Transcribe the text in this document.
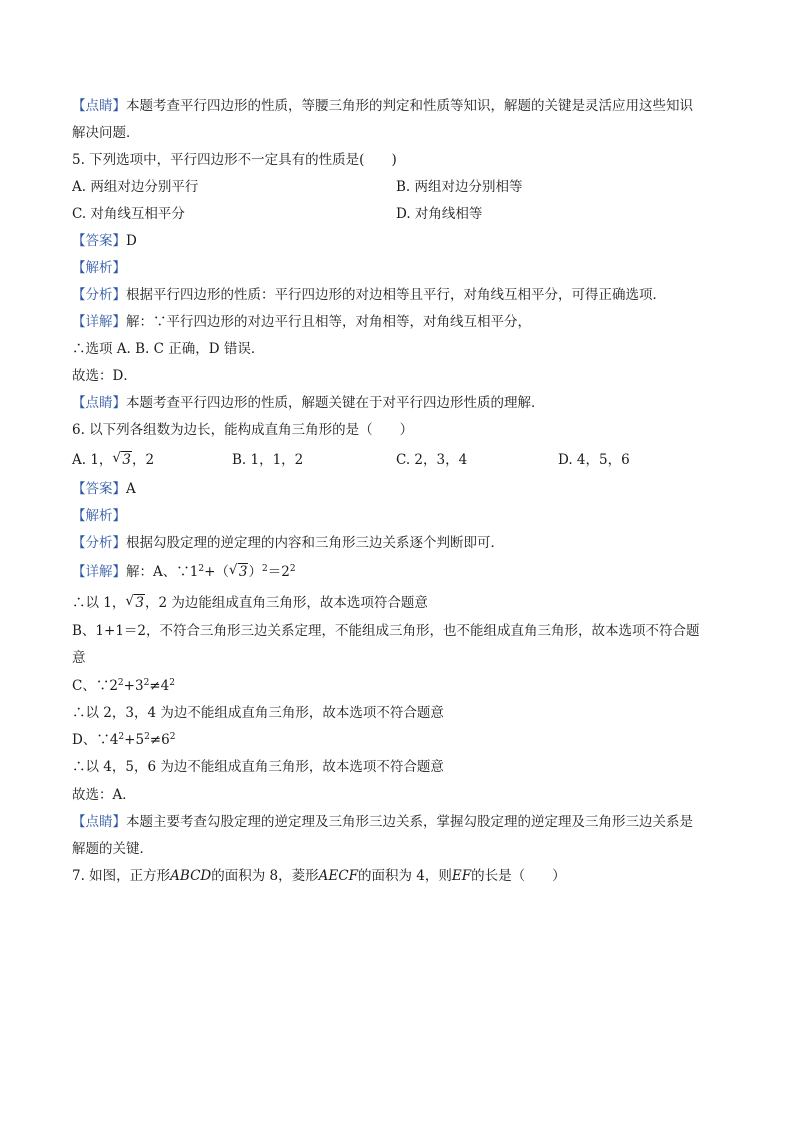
【点睛】本题考查平行四边形的性质，等腰三角形的判定和性质等知识，解题的关键是灵活应用这些知识
解决问题．
5. 下列选项中，平行四边形不一定具有的性质是(　　)
A. 两组对边分别平行	B. 两组对边分别相等
C. 对角线互相平分	D. 对角线相等
【答案】D
【解析】
【分析】根据平行四边形的性质：平行四边形的对边相等且平行，对角线互相平分，可得正确选项．
【详解】解：∵平行四边形的对边平行且相等，对角相等，对角线互相平分，
∴选项 A. B. C 正确，D 错误．
故选：D．
【点睛】本题考查平行四边形的性质，解题关键在于对平行四边形性质的理解．
6. 以下列各组数为边长，能构成直角三角形的是（　　）
A. 1， √ 3，2	B. 1，1，2	C. 2，3，4	D. 4，5，6
【答案】A
【解析】
【分析】根据勾股定理的逆定理的内容和三角形三边关系逐个判断即可．
【详解】解：A、$\because 1^2+$（ √ $3)^2=2^2$
∴以 1， √ 3，2 为边能组成直角三角形，故本选项符合题意
B、1+1＝2，不符合三角形三边关系定理，不能组成三角形，也不能组成直角三角形，故本选项不符合题
意
C、$\because 2^2+3^2\ne 4^2$
∴以 2，3，4 为边不能组成直角三角形，故本选项不符合题意
D、$\because 4^2+5^2\ne 6^2$
∴以 4，5，6 为边不能组成直角三角形，故本选项不符合题意
故选：A．
【点睛】本题主要考查勾股定理的逆定理及三角形三边关系，掌握勾股定理的逆定理及三角形三边关系是
解题的关键．
7. 如图，正方形ABCD的面积为 8，菱形AECF的面积为 4，则EF的长是（　　）
